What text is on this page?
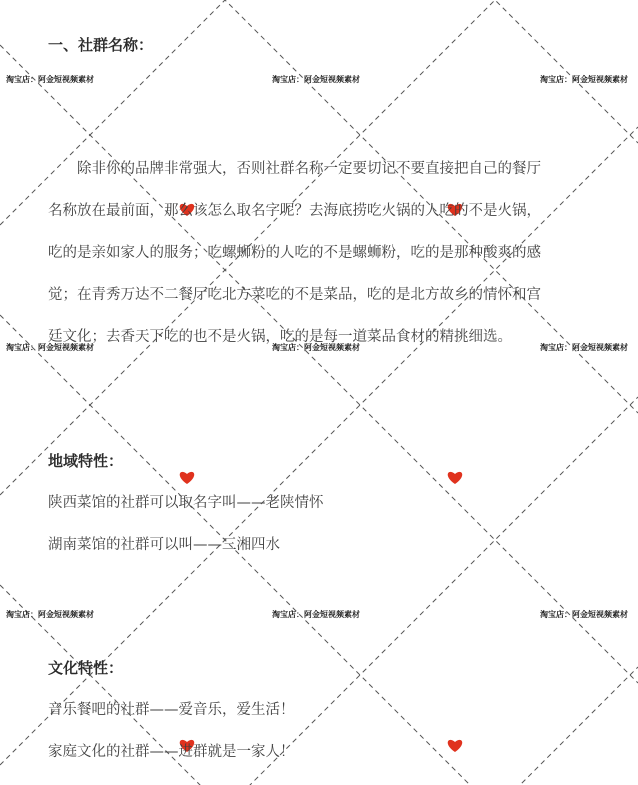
淘宝店：阿金短视频素材	淘宝店：阿金短视频素材	淘宝店：阿金短视频素材
淘宝店：阿金短视频素材	淘宝店：阿金短视频素材	淘宝店：阿金短视频素材
淘宝店：阿金短视频素材	淘宝店：阿金短视频素材	淘宝店：阿金短视频素材
一、社群名称：
　　除非你的品牌非常强大，否则社群名称一定要切记不要直接把自己的餐厅
名称放在最前面，那么该怎么取名字呢？去海底捞吃火锅的人吃的不是火锅，
吃的是亲如家人的服务；吃螺蛳粉的人吃的不是螺蛳粉，吃的是那种酸爽的感
觉；在青秀万达不二餐厅吃北方菜吃的不是菜品，吃的是北方故乡的情怀和宫
廷文化；去香天下吃的也不是火锅，吃的是每一道菜品食材的精挑细选。
地域特性：
陕西菜馆的社群可以取名字叫——老陕情怀
湖南菜馆的社群可以叫——三湘四水
文化特性：
音乐餐吧的社群——爱音乐，爱生活！
家庭文化的社群——进群就是一家人！
